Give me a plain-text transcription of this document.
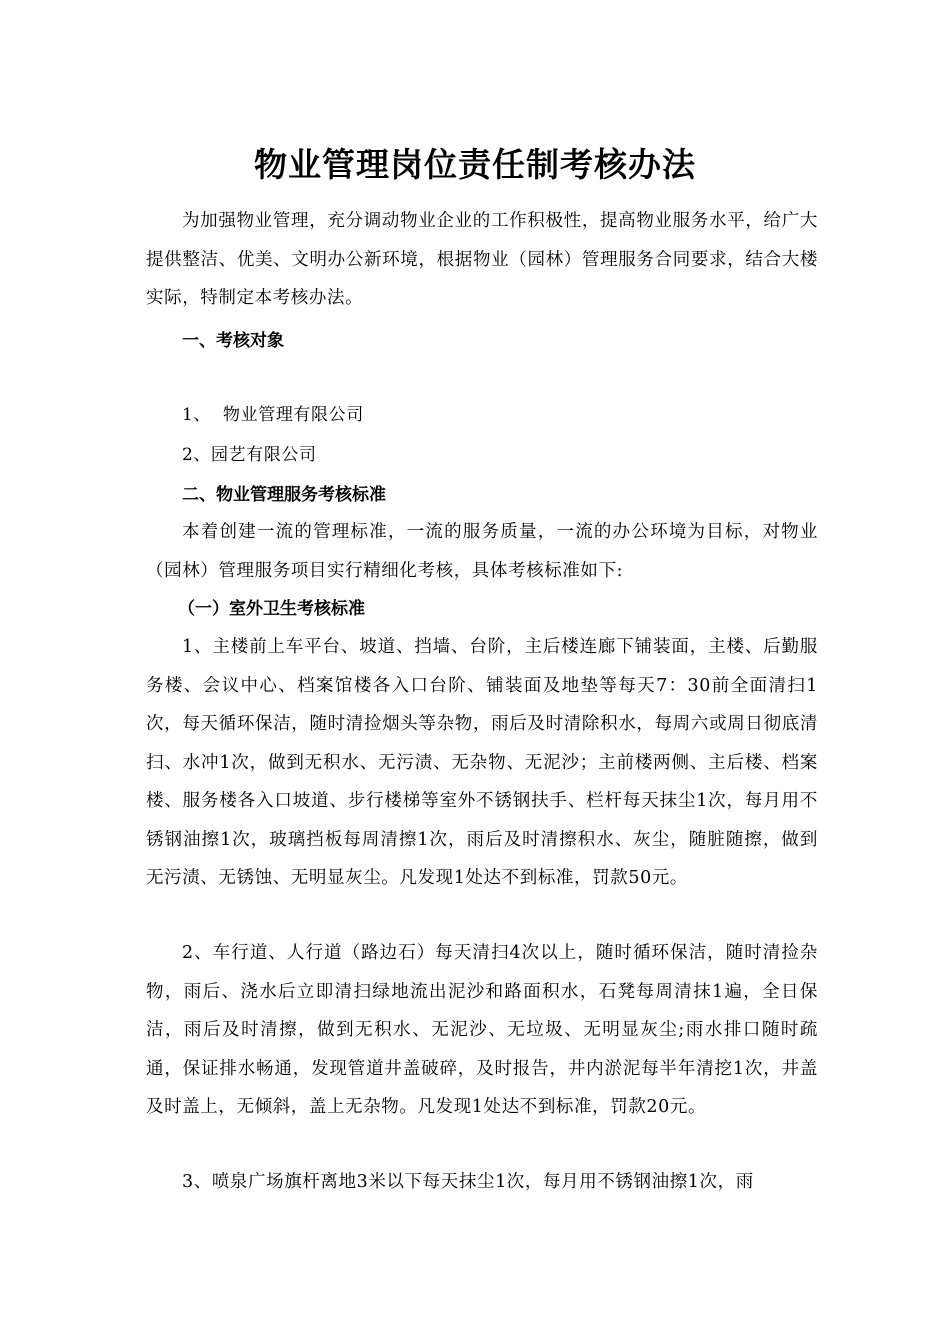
物业管理岗位责任制考核办法

为加强物业管理，充分调动物业企业的工作积极性，提高物业服务水平，给广大提供整洁、优美、文明办公新环境，根据物业（园林）管理服务合同要求，结合大楼实际，特制定本考核办法。

一、考核对象

1、  物业管理有限公司

2、园艺有限公司

二、物业管理服务考核标准

本着创建一流的管理标准，一流的服务质量，一流的办公环境为目标，对物业（园林）管理服务项目实行精细化考核，具体考核标准如下:

（一）室外卫生考核标准

1、主楼前上车平台、坡道、挡墙、台阶，主后楼连廊下铺装面，主楼、后勤服务楼、会议中心、档案馆楼各入口台阶、铺装面及地垫等每天7：30前全面清扫1次，每天循环保洁，随时清捡烟头等杂物，雨后及时清除积水，每周六或周日彻底清扫、水冲1次，做到无积水、无污渍、无杂物、无泥沙；主前楼两侧、主后楼、档案楼、服务楼各入口坡道、步行楼梯等室外不锈钢扶手、栏杆每天抹尘1次，每月用不锈钢油擦1次，玻璃挡板每周清擦1次，雨后及时清擦积水、灰尘，随脏随擦，做到无污渍、无锈蚀、无明显灰尘。凡发现1处达不到标准，罚款50元。

2、车行道、人行道（路边石）每天清扫4次以上，随时循环保洁，随时清捡杂物，雨后、浇水后立即清扫绿地流出泥沙和路面积水，石凳每周清抹1遍，全日保洁，雨后及时清擦，做到无积水、无泥沙、无垃圾、无明显灰尘;雨水排口随时疏通，保证排水畅通，发现管道井盖破碎，及时报告，井内淤泥每半年清挖1次，井盖及时盖上，无倾斜，盖上无杂物。凡发现1处达不到标准，罚款20元。

3、喷泉广场旗杆离地3米以下每天抹尘1次，每月用不锈钢油擦1次，雨
